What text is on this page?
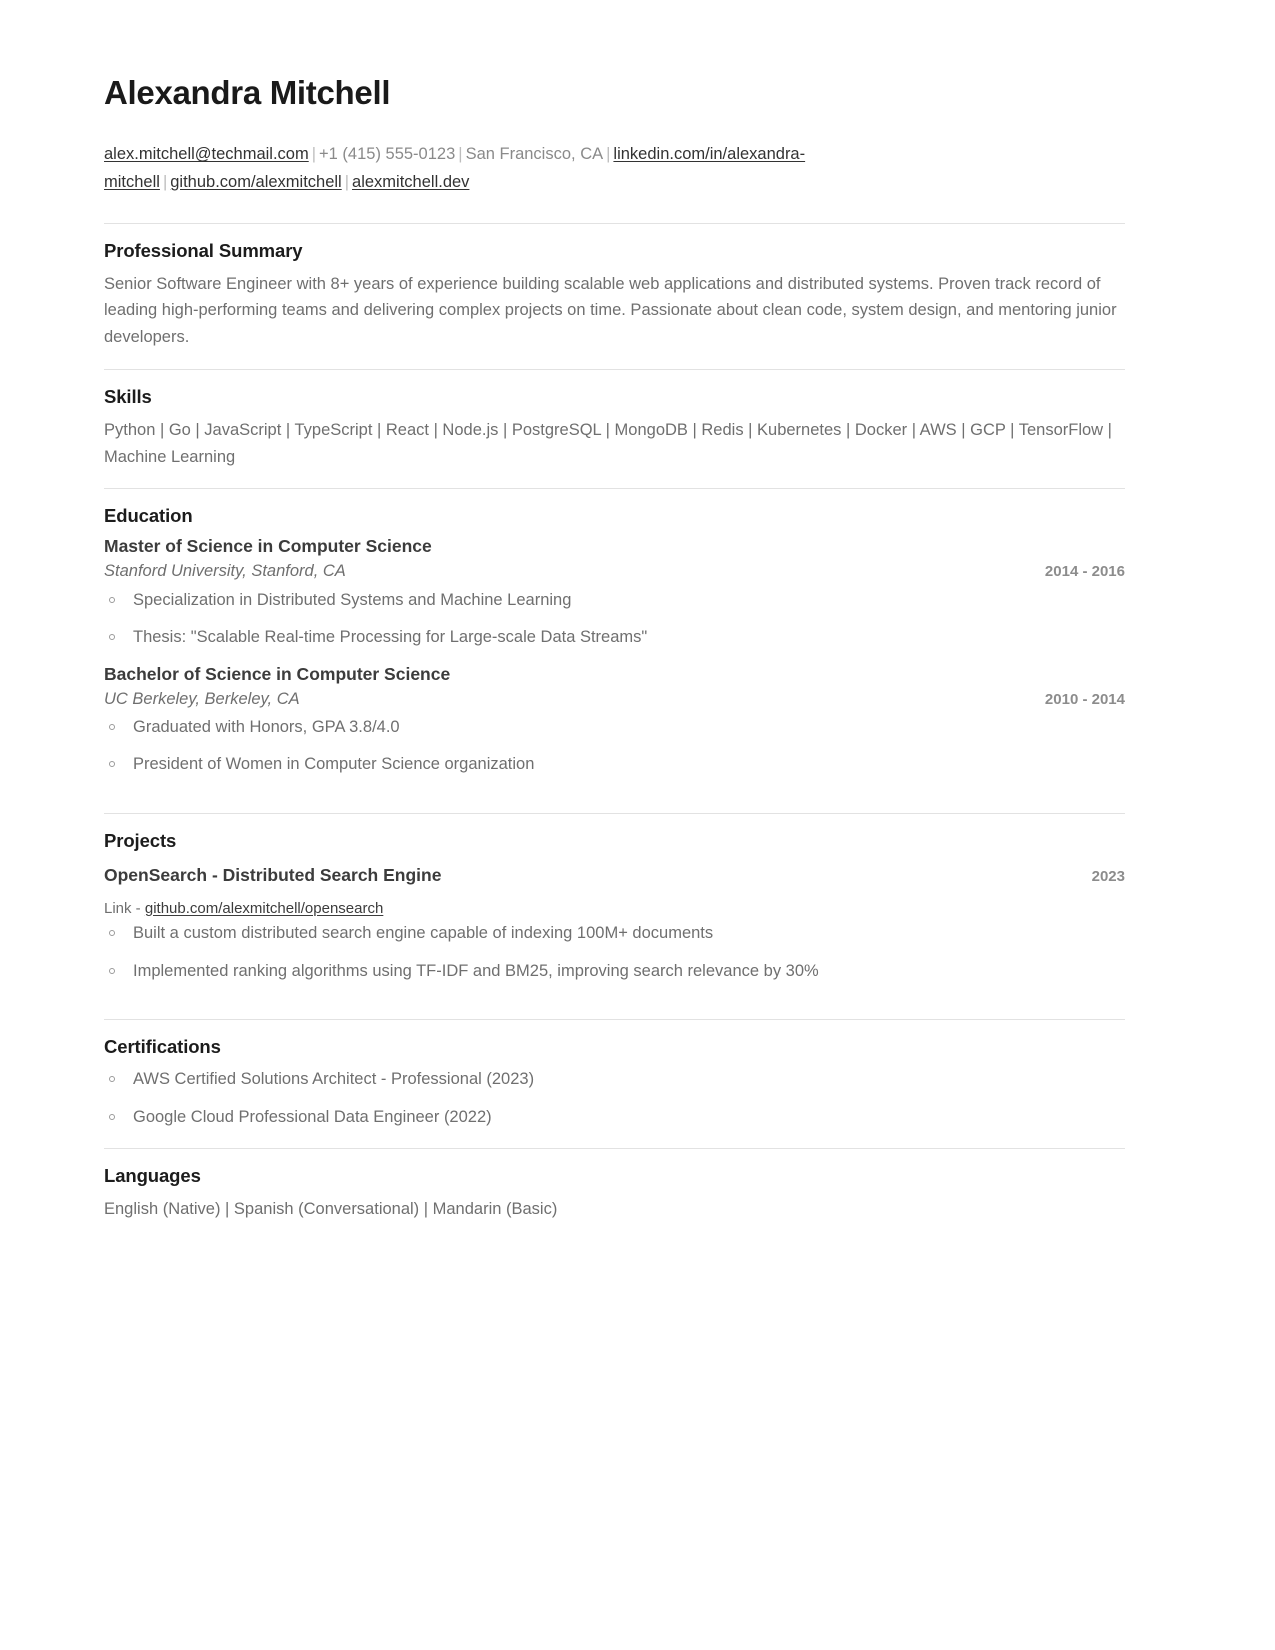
Alexandra Mitchell
alex.mitchell@techmail.com | +1 (415) 555-0123 | San Francisco, CA | linkedin.com/in/alexandra-mitchell | github.com/alexmitchell | alexmitchell.dev
Professional Summary

Senior Software Engineer with 8+ years of experience building scalable web applications and distributed systems. Proven track record of leading high-performing teams and delivering complex projects on time. Passionate about clean code, system design, and mentoring junior developers.

Skills

Python | Go | JavaScript | TypeScript | React | Node.js | PostgreSQL | MongoDB | Redis | Kubernetes | Docker | AWS | GCP | TensorFlow | Machine Learning

Education
Master of Science in Computer Science
Stanford University, Stanford, CA	2014 - 2016
Specialization in Distributed Systems and Machine Learning
Thesis: "Scalable Real-time Processing for Large-scale Data Streams"
Bachelor of Science in Computer Science
UC Berkeley, Berkeley, CA	2010 - 2014
Graduated with Honors, GPA 3.8/4.0
President of Women in Computer Science organization
Projects
OpenSearch - Distributed Search Engine	2023
Link - github.com/alexmitchell/opensearch
Built a custom distributed search engine capable of indexing 100M+ documents
Implemented ranking algorithms using TF-IDF and BM25, improving search relevance by 30%
Certifications
AWS Certified Solutions Architect - Professional (2023)
Google Cloud Professional Data Engineer (2022)
Languages

English (Native) | Spanish (Conversational) | Mandarin (Basic)
